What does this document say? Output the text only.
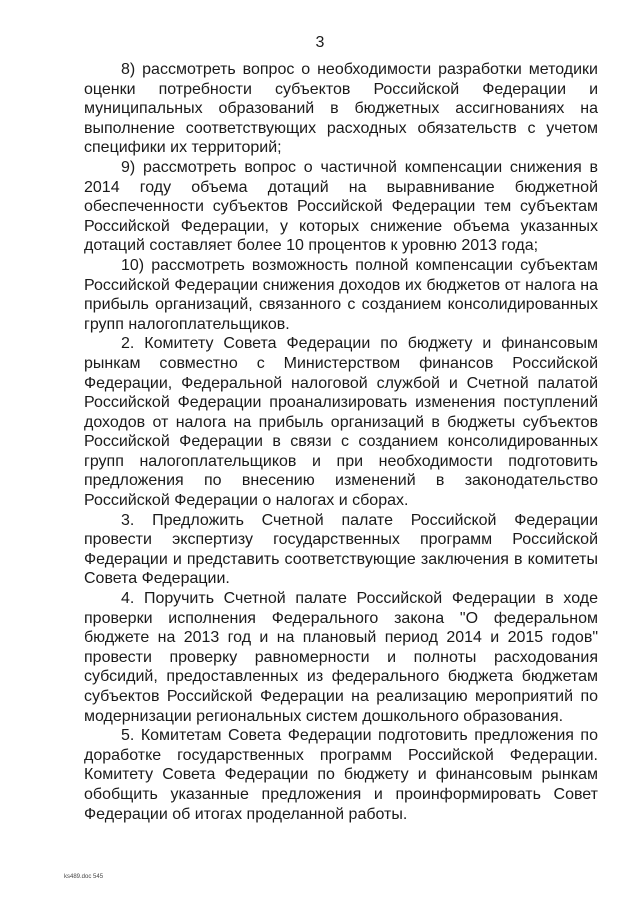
3

8) рассмотреть вопрос о необходимости разработки методики оценки потребности субъектов Российской Федерации и муниципальных образований в бюджетных ассигнованиях на выполнение соответствующих расходных обязательств с учетом специфики их территорий;

9) рассмотреть вопрос о частичной компенсации снижения в 2014 году объема дотаций на выравнивание бюджетной обеспеченности субъектов Российской Федерации тем субъектам Российской Федерации, у которых снижение объема указанных дотаций составляет более 10 процентов к уровню 2013 года;

10) рассмотреть возможность полной компенсации субъектам Российской Федерации снижения доходов их бюджетов от налога на прибыль организаций, связанного с созданием консолидированных групп налогоплательщиков.

2. Комитету Совета Федерации по бюджету и финансовым рынкам совместно с Министерством финансов Российской Федерации, Федеральной налоговой службой и Счетной палатой Российской Федерации проанализировать изменения поступлений доходов от налога на прибыль организаций в бюджеты субъектов Российской Федерации в связи с созданием консолидированных групп налогоплательщиков и при необходимости подготовить предложения по внесению изменений в законодательство Российской Федерации о налогах и сборах.

3. Предложить Счетной палате Российской Федерации провести экспертизу государственных программ Российской Федерации и представить соответствующие заключения в комитеты Совета Федерации.

4. Поручить Счетной палате Российской Федерации в ходе проверки исполнения Федерального закона "О федеральном бюджете на 2013 год и на плановый период 2014 и 2015 годов" провести проверку равномерности и полноты расходования субсидий, предоставленных из федерального бюджета бюджетам субъектов Российской Федерации на реализацию мероприятий по модернизации региональных систем дошкольного образования.

5. Комитетам Совета Федерации подготовить предложения по доработке государственных программ Российской Федерации. Комитету Совета Федерации по бюджету и финансовым рынкам обобщить указанные предложения и проинформировать Совет Федерации об итогах проделанной работы.

ks489.doc 545
